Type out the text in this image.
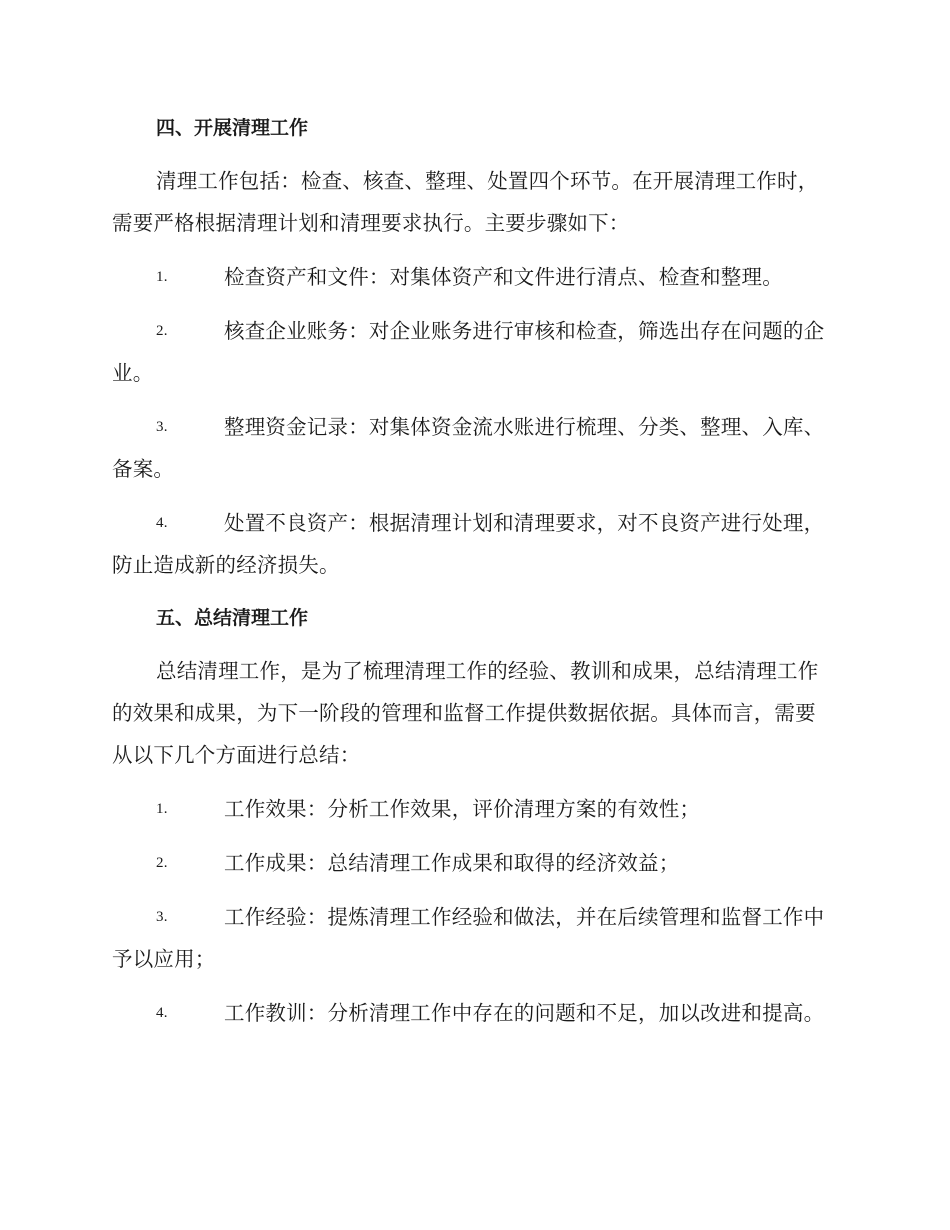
四、开展清理工作

清理工作包括：检查、核查、整理、处置四个环节。在开展清理工作时，需要严格根据清理计划和清理要求执行。主要步骤如下：

1.	检查资产和文件：对集体资产和文件进行清点、检查和整理。

2.	核查企业账务：对企业账务进行审核和检查，筛选出存在问题的企业。

3.	整理资金记录：对集体资金流水账进行梳理、分类、整理、入库、备案。

4.	处置不良资产：根据清理计划和清理要求，对不良资产进行处理，防止造成新的经济损失。

五、总结清理工作

总结清理工作，是为了梳理清理工作的经验、教训和成果，总结清理工作的效果和成果，为下一阶段的管理和监督工作提供数据依据。具体而言，需要从以下几个方面进行总结：

1.	工作效果：分析工作效果，评价清理方案的有效性；

2.	工作成果：总结清理工作成果和取得的经济效益；

3.	工作经验：提炼清理工作经验和做法，并在后续管理和监督工作中予以应用；

4.	工作教训：分析清理工作中存在的问题和不足，加以改进和提高。
